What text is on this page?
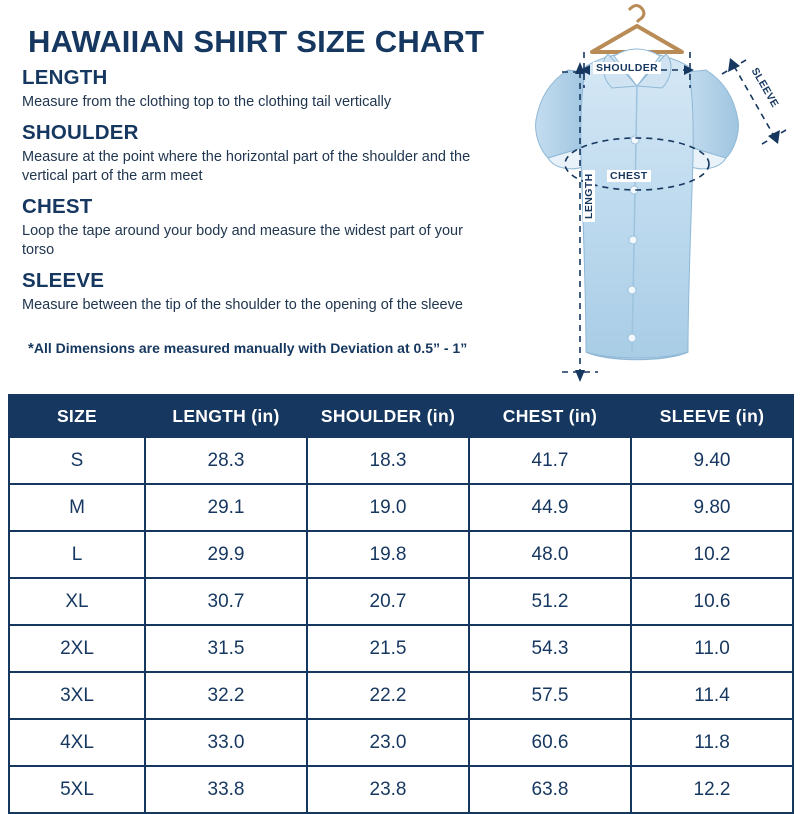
HAWAIIAN SHIRT SIZE CHART
LENGTH
Measure from the clothing top to the clothing tail vertically
SHOULDER
Measure at the point where the horizontal part of the shoulder and the vertical part of the arm meet
CHEST
Loop the tape around your body and measure the widest part of your torso
SLEEVE
Measure between the tip of the shoulder to the opening of the sleeve
*All Dimensions are measured manually with Deviation at 0.5” - 1”
SHOULDER
CHEST
LENGTH
SLEEVE
SIZE	LENGTH (in)	SHOULDER (in)	CHEST (in)	SLEEVE (in)
S	28.3	18.3	41.7	9.40
M	29.1	19.0	44.9	9.80
L	29.9	19.8	48.0	10.2
XL	30.7	20.7	51.2	10.6
2XL	31.5	21.5	54.3	11.0
3XL	32.2	22.2	57.5	11.4
4XL	33.0	23.0	60.6	11.8
5XL	33.8	23.8	63.8	12.2
